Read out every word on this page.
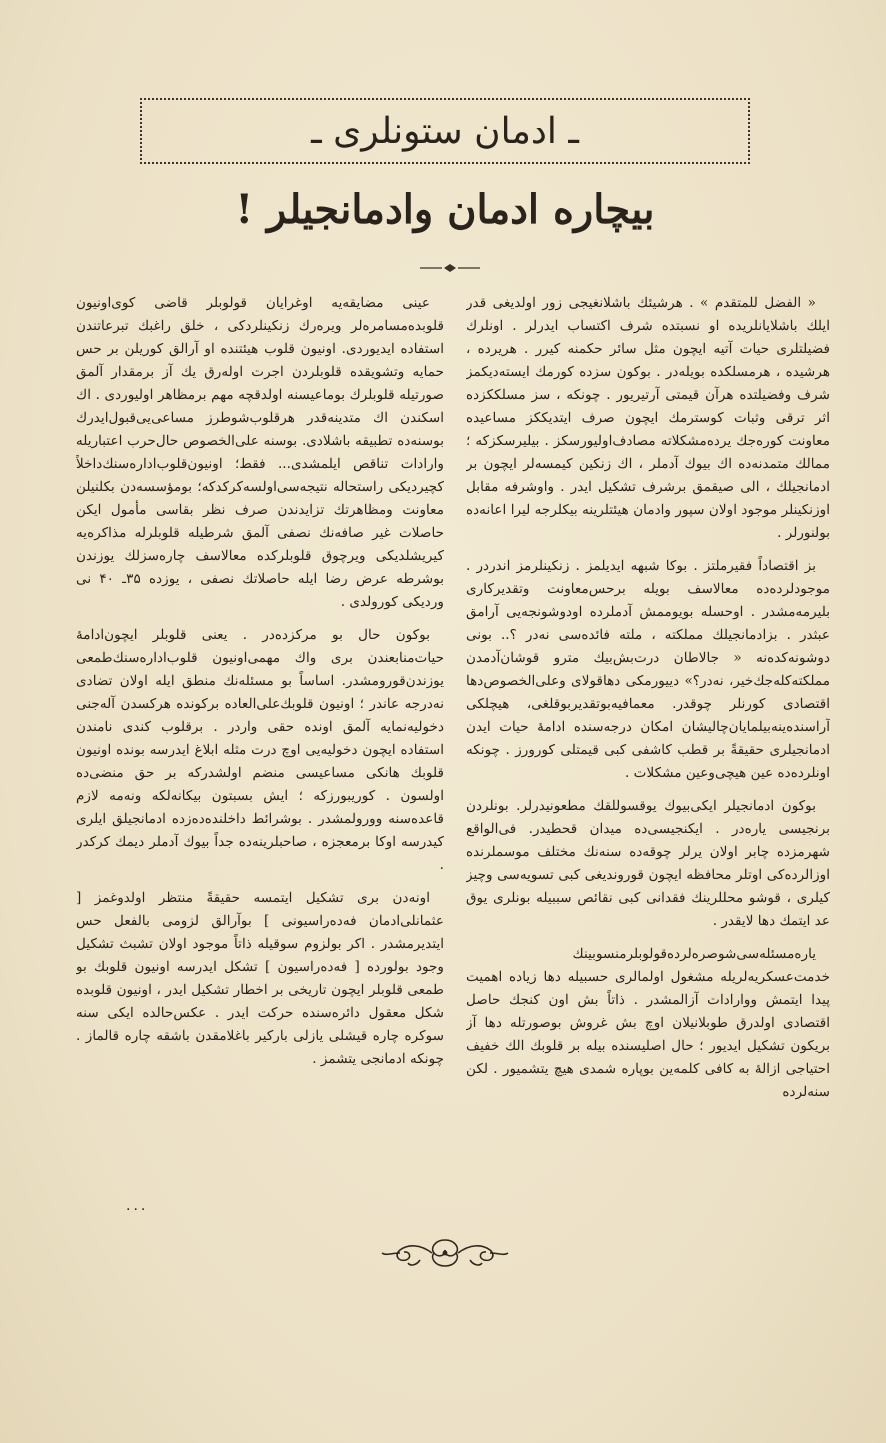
ـ ادمان ستونلری ـ
بیچاره ادمان وادمانجیلر !

« الفضل للمتقدم » . هرشیئك باشلانغیجی زور اولدیغی قدر ایلك باشلایانلریده او نسبتده شرف اکتساب ایدرلر . اونلرك فضیلتلری حیات آتیه ایچون مثل سائر حکمنه کیرر . هریرده ، هرشیده ، هرمسلکده بویله‌در . بوکون سزده کورمك ایسته‌دیکمز شرف وفضیلتده هرآن قیمتی آرتیریور . چونکه ، سز مسلککزده اثر ترقی وثبات کوسترمك ایچون صرف ایتدیککز مساعیده معاونت کوره‌جك یرده‌مشکلاته مصادف‌اولیورسکز . بیلیرسکزکه ؛ ممالك متمدنه‌ده اك بیوك آدملر ، اك زنکین کیمسه‌لر ایچون بر ادمانجیلك ، الی صیقمق برشرف تشکیل ایدر . واوشرفه مقابل اوزنکینلر موجود اولان سپور وادمان هیئتلرینه بیکلرجه لیرا اعانه‌ده بولنورلر .

بز اقتصاداً فقیر‌ملتز . بوکا شبهه ایدیلمز . زنکینلرمز اندردر . موجودلرده‌ده معالاسف بویله برحس‌معاونت وتقدیرکاری بلیرمه‌مشدر . اوحسله بویوممش آدملرده اودوشونجه‌یی آرامق عبثدر . بزادمانجیلك مملکته ، ملته فائده‌سی نه‌در ؟.. بونی دوشونه‌کده‌نه « جالاطان درت‌بش‌بیك مترو قوشان‌آدمدن مملکته‌کله‌جك‌خیر، نه‌در؟» دییورمکی دهاقولای وعلی‌الخصوص‌دها اقتصادی کورنلر چوقدر. معمافیه‌بوتقدیربوقلغی، هیچلکی آراسنده‌ینه‌بیلمایان‌چالیشان امکان درجه‌سنده ادامهٔ حیات ایدن ادمانجیلری حقیقةً بر قطب کاشفی کبی قیمتلی کورورز . چونکه اونلرده‌ده عین هیچی‌وعین مشکلات .

بوکون ادمانجیلر ایکی‌بیوك یوقسوللقك مطعونیدرلر. بونلردن برنجیسی یاره‌در . ایکنجیسی‌ده میدان قحطیدر. فی‌الواقع شهرمزده چابر اولان یرلر چوقه‌ده سنه‌نك مختلف موسملرنده اوزالرده‌کی اوتلر محافظه ایچون قوروندیغی کبی تسویه‌سی وچیز کیلری ، قوشو محللرینك فقدانی کبی نقائص سببیله بونلری یوق عد ایتمك دها لایقدر .

یاره‌مسئله‌سی‌شوصره‌لرده‌قولوبلرمنسوبینك خدمت‌عسکریه‌لریله مشغول اولمالری حسبیله دها زیاده اهمیت پیدا ایتمش ووارادات آزالمشدر . ذاتاً بش اون کنجك حاصل اقتصادی اولدرق طوبلانیلان اوچ بش غروش بوصورتله دها آز بریکون تشکیل ایدیور ؛ حال اصلیسنده بیله بر قلوبك الك خفیف احتیاجی ازالهٔ به کافی کلمه‌ین بوپاره شمدی هیچ یتشمیور . لکن سنه‌لرده

عینی مضایقه‌یه اوغرایان قولوبلر قاضی کوی‌اونیون قلوبده‌مسامره‌لر ویره‌رك زنکینلردکی ، خلق راغبك تبرعاتندن استفاده ایدیوردی. اونیون قلوب هیئتنده او آرالق کوریلن بر حس حمایه وتشویقده قلوبلردن اجرت اوله‌رق یك آز برمقدار آلمق صورتیله قلوبلرك بوماعیسنه اولدقچه مهم برمظاهر اولیوردی . اك اسکندن اك متدینه‌قدر هرقلوب‌شوطرز مساعی‌یی‌قبول‌ایدرك بوسنه‌ده تطبیقه باشلادی. بوسنه علی‌الخصوص حال‌حرب اعتباریله وارادات تناقص ایلمشدی... فقط؛ اونیون‌قلوب‌اداره‌سنك‌داخلاً کچیردیکی راستحاله نتیجه‌سی‌اولسه‌کرکدکه؛ بومؤسسه‌دن بکلنیلن معاونت ومظاهرتك تزایدندن صرف نظر بقاسی مأمول ایکن حاصلات غیر صافه‌نك نصفی آلمق شرطیله قلوبلرله مذاکره‌یه کیریشلدیکی ویرچوق قلوبلرکده معالاسف چاره‌سزلك یوزندن بوشرطه عرض رضا ایله حاصلاتك نصفی ، یوزده ۳۵ـ ۴۰ نی وردیکی کورولدی .

بوکون حال بو مرکزده‌در . یعنی قلوبلر ایچون‌ادامهٔ حیات‌منابعندن بری واك مهمی‌اونیون قلوب‌اداره‌سنك‌طمعی یوزندن‌قورومشدر. اساساً بو مسئله‌نك منطق ایله اولان تضادی نه‌درجه عاندر ؛ اونیون قلوبك‌علی‌العاده برکونده هرکسدن آله‌جنی دخولیه‌نمایه آلمق اونده حقی واردر . برقلوب کندی نامندن استفاده ایچون دخولیه‌یی اوچ درت مثله ابلاغ ایدرسه بونده اونیون قلوبك هانکی مساعیسی منضم اولشدرکه بر حق منضی‌ده اولسون . کوریبورزکه ؛ ایش بسبتون بیکانه‌لکه ونه‌مه لازم قاعده‌سنه وورولمشدر . بوشرائط داخلنده‌ده‌زده ادمانجیلق ایلری کیدرسه اوکا برمعجزه ، صاحبلرینه‌ده جداً بیوك آدملر دیمك کرکدر .

اونه‌دن بری تشکیل ایتمسه حقیقةً منتظر اولدوغمز [ عثمانلی‌ادمان فه‌ده‌راسیونی ] بوآرالق لزومی بالفعل حس ایتدیرمشدر . اکر بولزوم سوقیله ذاتاً موجود اولان تشبث تشکیل وجود بولورده [ فه‌ده‌راسیون ] تشکل ایدرسه اونیون قلوبك بو طمعی قلوبلر ایچون تاریخی بر اخطار تشکیل ایدر ، اونیون قلوبده شکل معقول دائره‌سنده حرکت ایدر . عکس‌حالده ایکی سنه سوکره چاره قیشلی یازلی بارکیر باغلامقدن باشقه چاره قالماز . چونکه ادمانجی یتشمز .

...
